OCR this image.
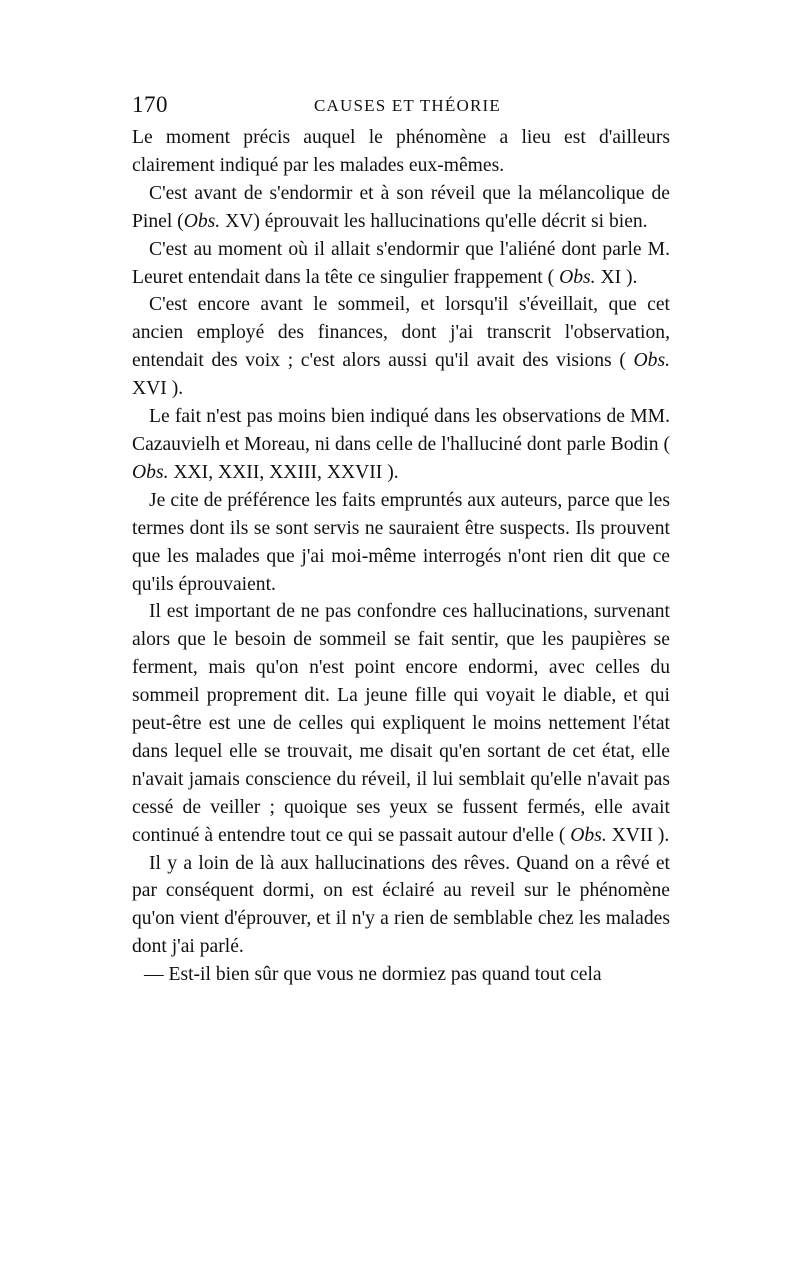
170	CAUSES ET THÉORIE

Le moment précis auquel le phénomène a lieu est d'ailleurs clairement indiqué par les malades eux-mêmes.

C'est avant de s'endormir et à son réveil que la mélancolique de Pinel (Obs. XV) éprouvait les hallucinations qu'elle décrit si bien.

C'est au moment où il allait s'endormir que l'aliéné dont parle M. Leuret entendait dans la tête ce singulier frappement ( Obs. XI ).

C'est encore avant le sommeil, et lorsqu'il s'éveillait, que cet ancien employé des finances, dont j'ai transcrit l'observation, entendait des voix ; c'est alors aussi qu'il avait des visions ( Obs. XVI ).

Le fait n'est pas moins bien indiqué dans les observations de MM. Cazauvielh et Moreau, ni dans celle de l'halluciné dont parle Bodin ( Obs. XXI, XXII, XXIII, XXVII ).

Je cite de préférence les faits empruntés aux auteurs, parce que les termes dont ils se sont servis ne sauraient être suspects. Ils prouvent que les malades que j'ai moi-même interrogés n'ont rien dit que ce qu'ils éprouvaient.

Il est important de ne pas confondre ces hallucinations, survenant alors que le besoin de sommeil se fait sentir, que les paupières se ferment, mais qu'on n'est point encore endormi, avec celles du sommeil proprement dit. La jeune fille qui voyait le diable, et qui peut-être est une de celles qui expliquent le moins nettement l'état dans lequel elle se trouvait, me disait qu'en sortant de cet état, elle n'avait jamais conscience du réveil, il lui semblait qu'elle n'avait pas cessé de veiller ; quoique ses yeux se fussent fermés, elle avait continué à entendre tout ce qui se passait autour d'elle ( Obs. XVII ).

Il y a loin de là aux hallucinations des rêves. Quand on a rêvé et par conséquent dormi, on est éclairé au reveil sur le phénomène qu'on vient d'éprouver, et il n'y a rien de semblable chez les malades dont j'ai parlé.

— Est-il bien sûr que vous ne dormiez pas quand tout cela
